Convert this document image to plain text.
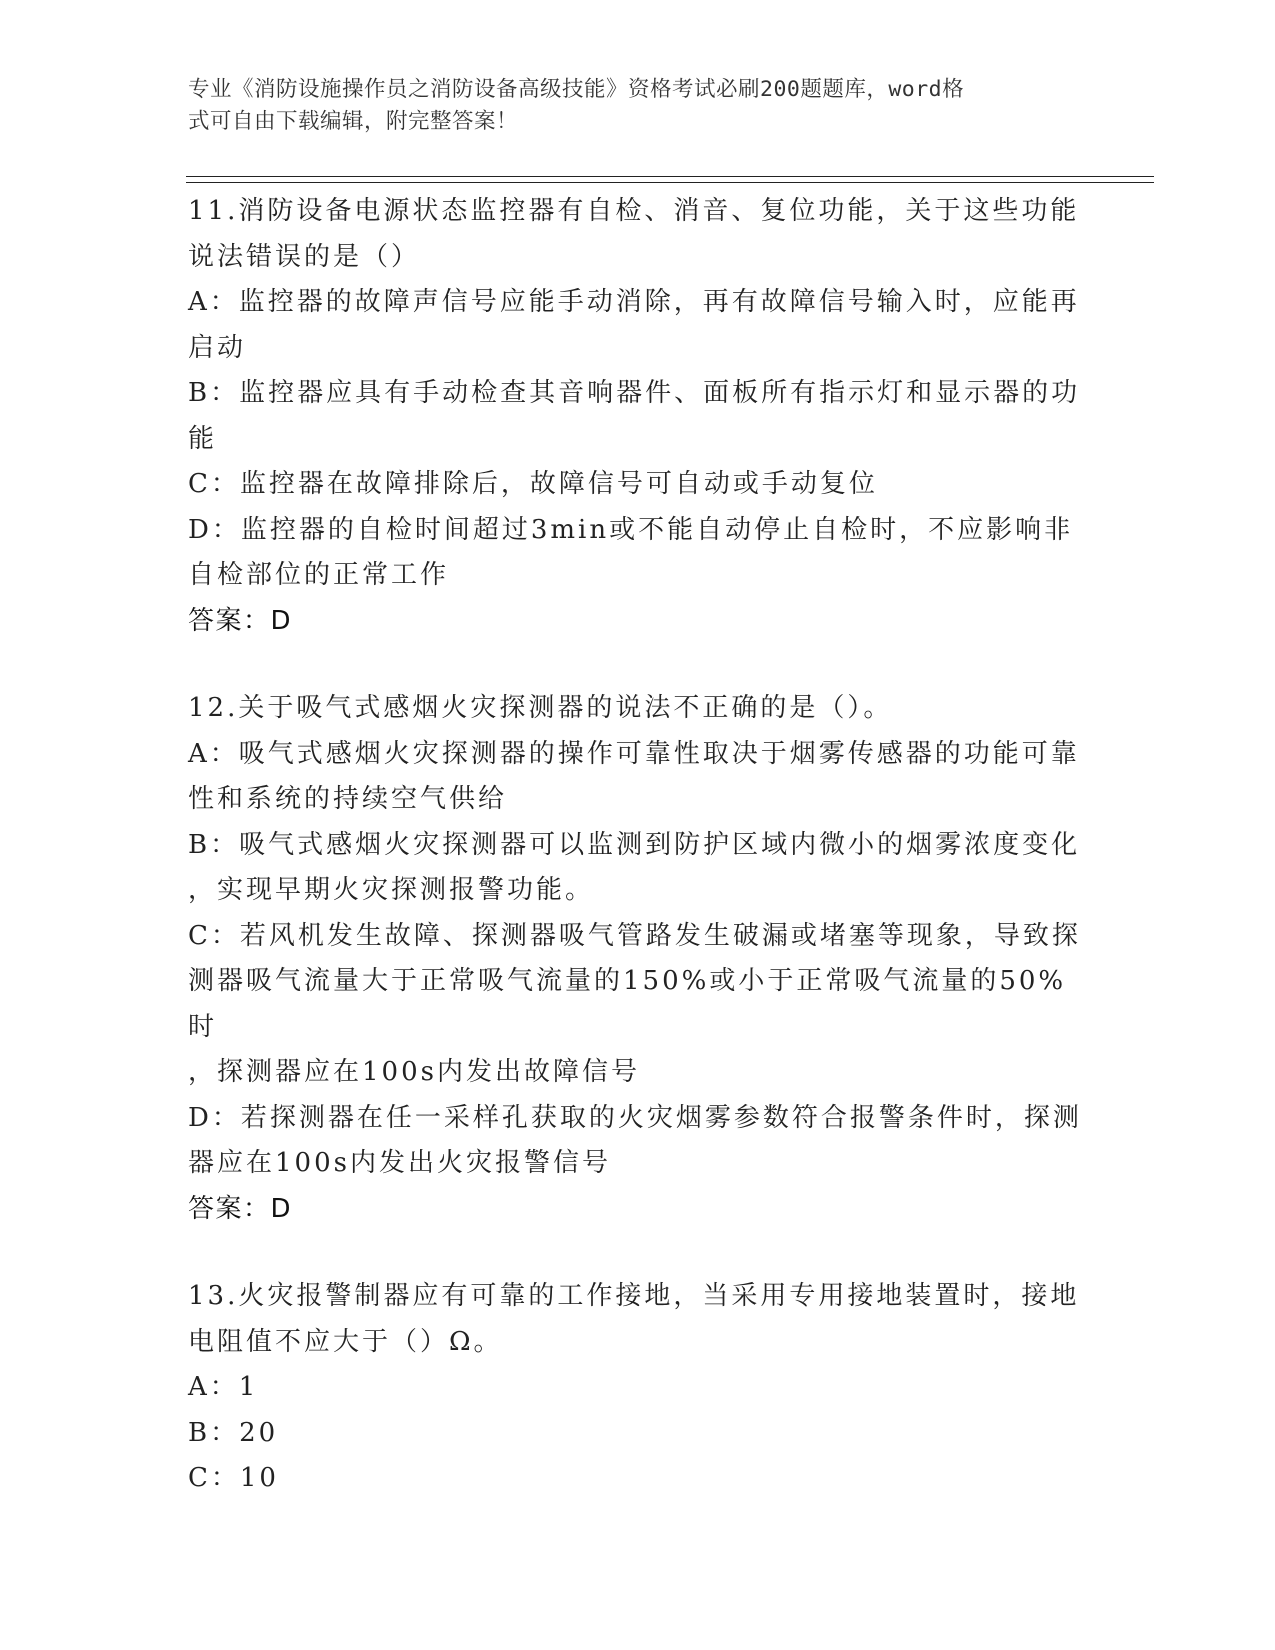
专业《消防设施操作员之消防设备高级技能》资格考试必刷200题题库，word格
式可自由下载编辑，附完整答案！

11.消防设备电源状态监控器有自检、消音、复位功能，关于这些功能

说法错误的是（）

A：监控器的故障声信号应能手动消除，再有故障信号输入时，应能再

启动

B：监控器应具有手动检查其音响器件、面板所有指示灯和显示器的功

能

C：监控器在故障排除后，故障信号可自动或手动复位

D：监控器的自检时间超过3min或不能自动停止自检时，不应影响非

自检部位的正常工作

答案：D

12.关于吸气式感烟火灾探测器的说法不正确的是（）。

A：吸气式感烟火灾探测器的操作可靠性取决于烟雾传感器的功能可靠

性和系统的持续空气供给

B：吸气式感烟火灾探测器可以监测到防护区域内微小的烟雾浓度变化

，实现早期火灾探测报警功能。

C：若风机发生故障、探测器吸气管路发生破漏或堵塞等现象，导致探

测器吸气流量大于正常吸气流量的150%或小于正常吸气流量的50%时

，探测器应在100s内发出故障信号

D：若探测器在任一采样孔获取的火灾烟雾参数符合报警条件时，探测

器应在100s内发出火灾报警信号

答案：D

13.火灾报警制器应有可靠的工作接地，当采用专用接地装置时，接地

电阻值不应大于（）Ω。

A：1

B：20

C：10
